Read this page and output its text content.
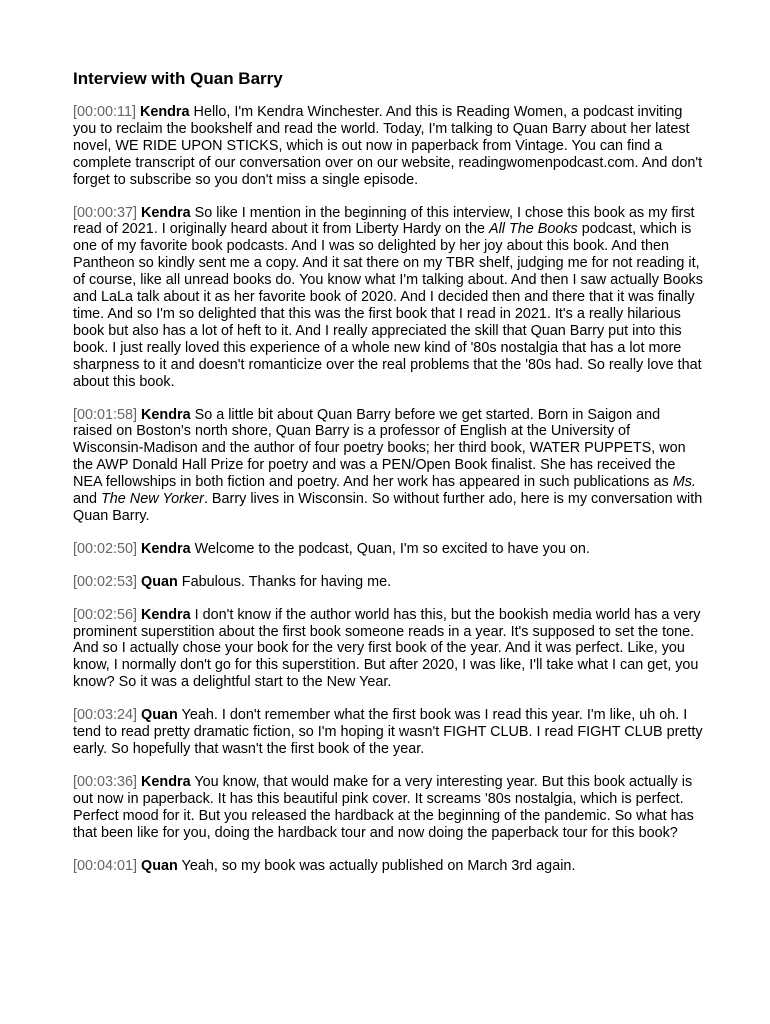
Interview with Quan Barry

[00:00:11] Kendra Hello, I'm Kendra Winchester. And this is Reading Women, a podcast inviting you to reclaim the bookshelf and read the world. Today, I'm talking to Quan Barry about her latest novel, WE RIDE UPON STICKS, which is out now in paperback from Vintage. You can find a complete transcript of our conversation over on our website, readingwomenpodcast.com. And don't forget to subscribe so you don't miss a single episode.

[00:00:37] Kendra So like I mention in the beginning of this interview, I chose this book as my first read of 2021. I originally heard about it from Liberty Hardy on the All The Books podcast, which is one of my favorite book podcasts. And I was so delighted by her joy about this book. And then Pantheon so kindly sent me a copy. And it sat there on my TBR shelf, judging me for not reading it, of course, like all unread books do. You know what I'm talking about. And then I saw actually Books and LaLa talk about it as her favorite book of 2020. And I decided then and there that it was finally time. And so I'm so delighted that this was the first book that I read in 2021. It's a really hilarious book but also has a lot of heft to it. And I really appreciated the skill that Quan Barry put into this book. I just really loved this experience of a whole new kind of '80s nostalgia that has a lot more sharpness to it and doesn't romanticize over the real problems that the '80s had. So really love that about this book.

[00:01:58] Kendra So a little bit about Quan Barry before we get started. Born in Saigon and raised on Boston's north shore, Quan Barry is a professor of English at the University of Wisconsin-Madison and the author of four poetry books; her third book, WATER PUPPETS, won the AWP Donald Hall Prize for poetry and was a PEN/Open Book finalist. She has received the NEA fellowships in both fiction and poetry. And her work has appeared in such publications as Ms. and The New Yorker. Barry lives in Wisconsin. So without further ado, here is my conversation with Quan Barry.

[00:02:50] Kendra Welcome to the podcast, Quan, I'm so excited to have you on.

[00:02:53] Quan Fabulous. Thanks for having me.

[00:02:56] Kendra I don't know if the author world has this, but the bookish media world has a very prominent superstition about the first book someone reads in a year. It's supposed to set the tone. And so I actually chose your book for the very first book of the year. And it was perfect. Like, you know, I normally don't go for this superstition. But after 2020, I was like, I'll take what I can get, you know? So it was a delightful start to the New Year.

[00:03:24] Quan Yeah. I don't remember what the first book was I read this year. I'm like, uh oh. I tend to read pretty dramatic fiction, so I'm hoping it wasn't FIGHT CLUB. I read FIGHT CLUB pretty early. So hopefully that wasn't the first book of the year.

[00:03:36] Kendra You know, that would make for a very interesting year. But this book actually is out now in paperback. It has this beautiful pink cover. It screams '80s nostalgia, which is perfect. Perfect mood for it. But you released the hardback at the beginning of the pandemic. So what has that been like for you, doing the hardback tour and now doing the paperback tour for this book?

[00:04:01] Quan Yeah, so my book was actually published on March 3rd again.
